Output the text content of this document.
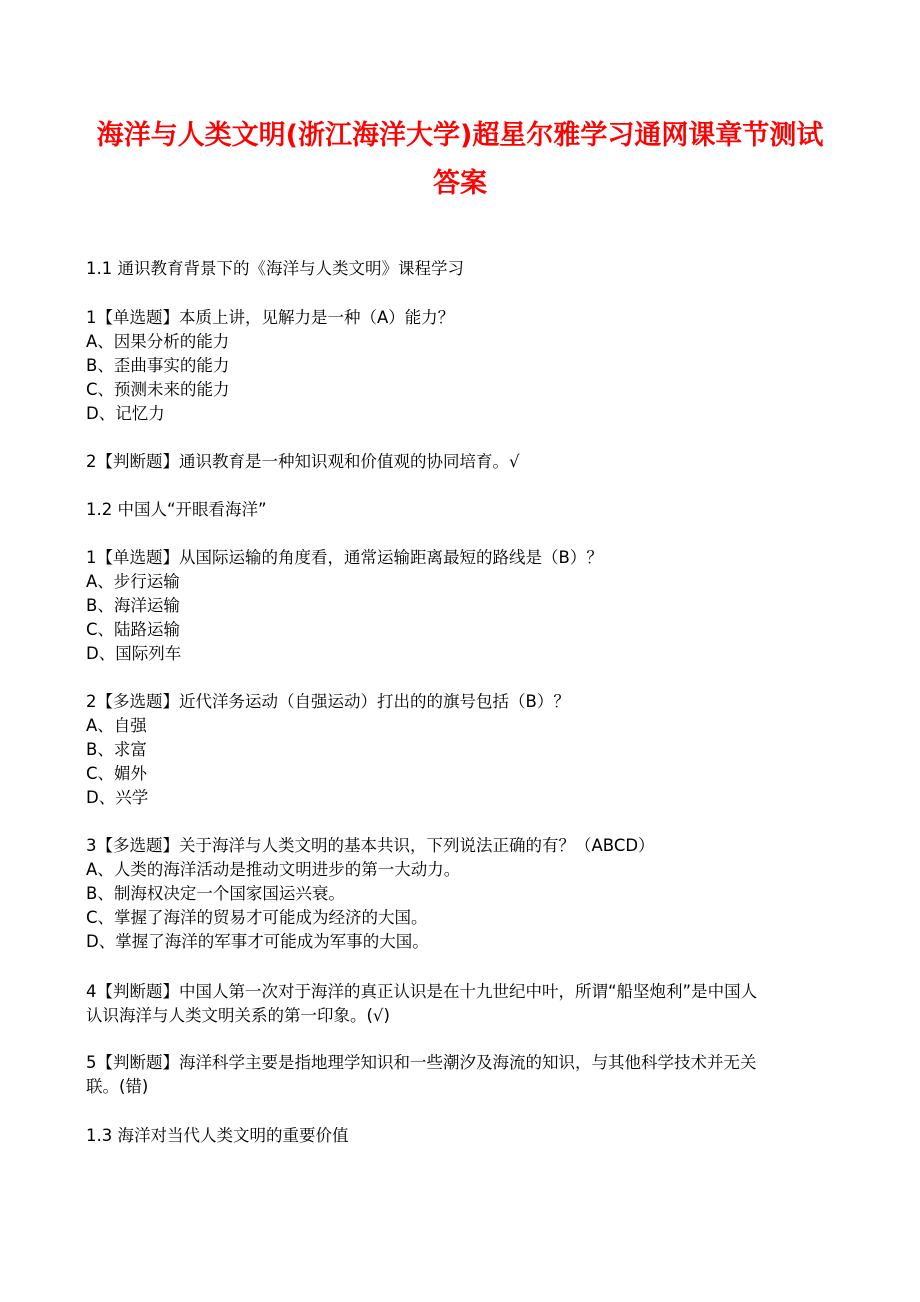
海洋与人类文明(浙江海洋大学)超星尔雅学习通网课章节测试
答案
1.1 通识教育背景下的《海洋与人类文明》课程学习
1【单选题】本质上讲，见解力是一种（A）能力？
A、因果分析的能力
B、歪曲事实的能力
C、预测未来的能力
D、记忆力
2【判断题】通识教育是一种知识观和价值观的协同培育。√
1.2 中国人“开眼看海洋”
1【单选题】从国际运输的角度看，通常运输距离最短的路线是（B）？
A、步行运输
B、海洋运输
C、陆路运输
D、国际列车
2【多选题】近代洋务运动（自强运动）打出的的旗号包括（B）？
A、自强
B、求富
C、媚外
D、兴学
3【多选题】关于海洋与人类文明的基本共识，下列说法正确的有？（ABCD）
A、人类的海洋活动是推动文明进步的第一大动力。
B、制海权决定一个国家国运兴衰。
C、掌握了海洋的贸易才可能成为经济的大国。
D、掌握了海洋的军事才可能成为军事的大国。
4【判断题】中国人第一次对于海洋的真正认识是在十九世纪中叶，所谓“船坚炮利”是中国人
认识海洋与人类文明关系的第一印象。(√)
5【判断题】海洋科学主要是指地理学知识和一些潮汐及海流的知识，与其他科学技术并无关
联。(错)
1.3 海洋对当代人类文明的重要价值
